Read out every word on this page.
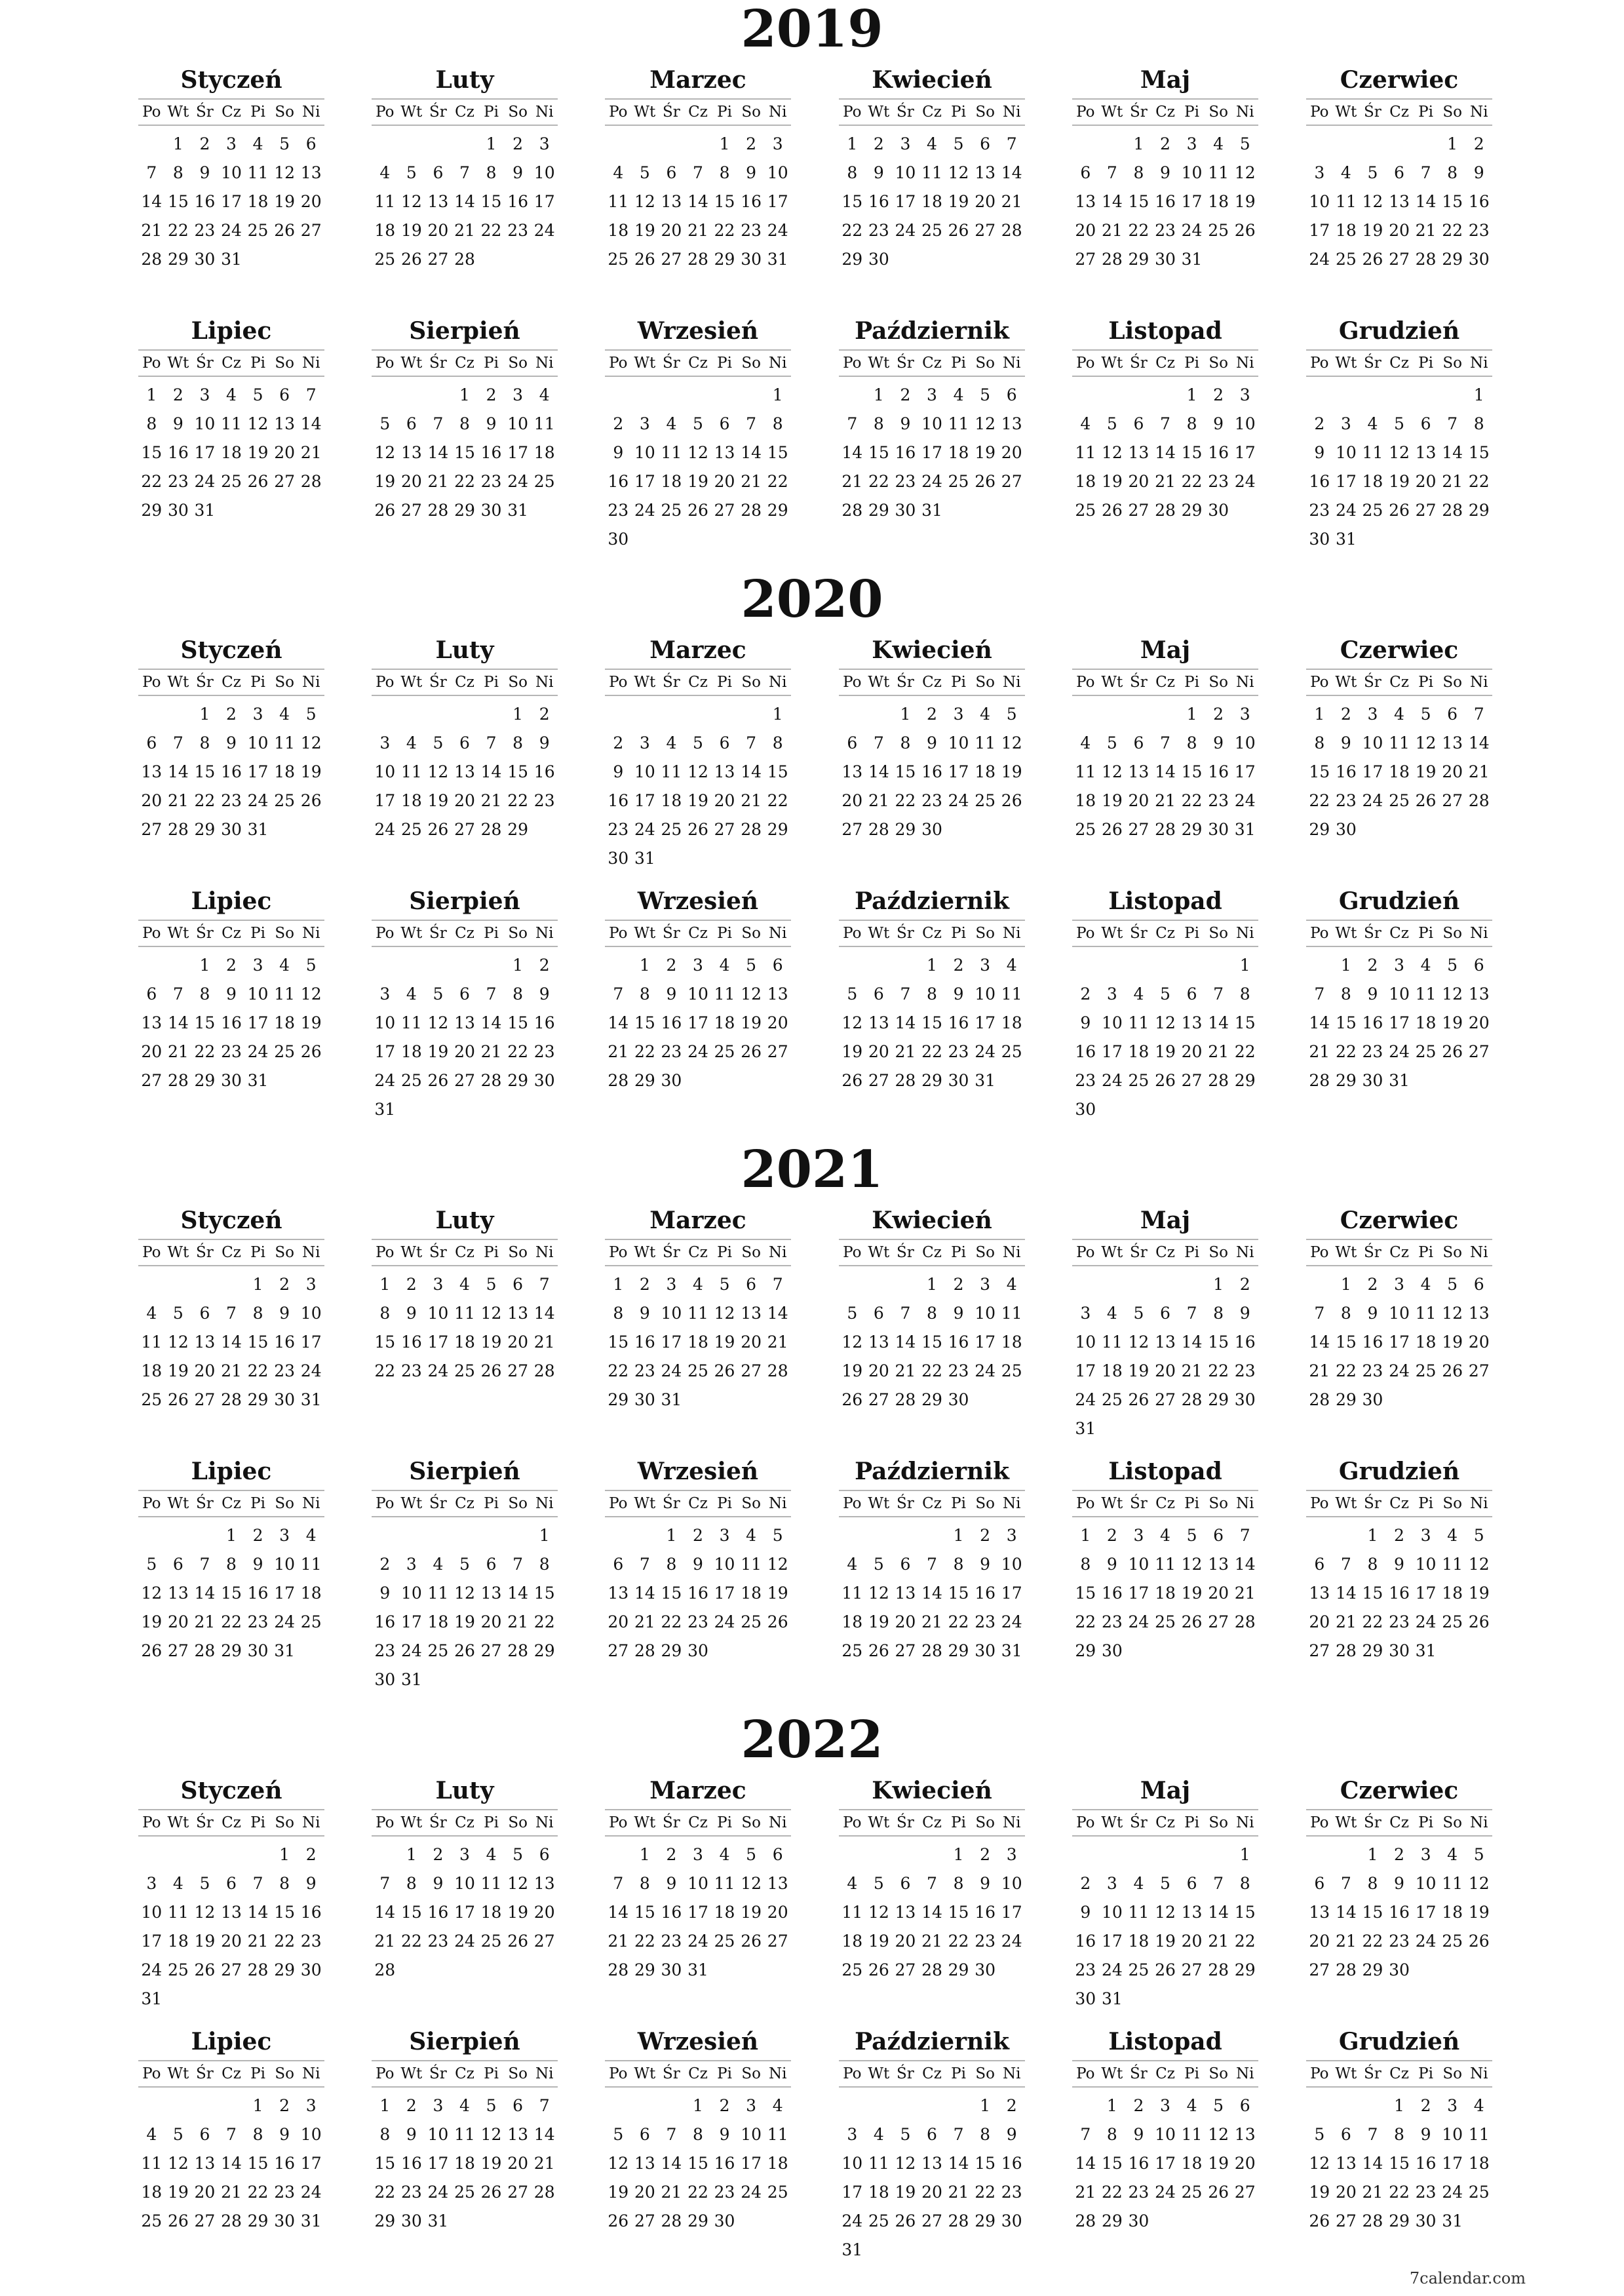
2019
Styczeń
Po Wt Śr Cz Pi So Ni
1 2 3 4 5 6
7 8 9 10 11 12 13
14 15 16 17 18 19 20
21 22 23 24 25 26 27
28 29 30 31
Luty
Po Wt Śr Cz Pi So Ni
1 2 3
4 5 6 7 8 9 10
11 12 13 14 15 16 17
18 19 20 21 22 23 24
25 26 27 28
Marzec
Po Wt Śr Cz Pi So Ni
1 2 3
4 5 6 7 8 9 10
11 12 13 14 15 16 17
18 19 20 21 22 23 24
25 26 27 28 29 30 31
Kwiecień
Po Wt Śr Cz Pi So Ni
1 2 3 4 5 6 7
8 9 10 11 12 13 14
15 16 17 18 19 20 21
22 23 24 25 26 27 28
29 30
Maj
Po Wt Śr Cz Pi So Ni
1 2 3 4 5
6 7 8 9 10 11 12
13 14 15 16 17 18 19
20 21 22 23 24 25 26
27 28 29 30 31
Czerwiec
Po Wt Śr Cz Pi So Ni
1 2
3 4 5 6 7 8 9
10 11 12 13 14 15 16
17 18 19 20 21 22 23
24 25 26 27 28 29 30
Lipiec
Po Wt Śr Cz Pi So Ni
1 2 3 4 5 6 7
8 9 10 11 12 13 14
15 16 17 18 19 20 21
22 23 24 25 26 27 28
29 30 31
Sierpień
Po Wt Śr Cz Pi So Ni
1 2 3 4
5 6 7 8 9 10 11
12 13 14 15 16 17 18
19 20 21 22 23 24 25
26 27 28 29 30 31
Wrzesień
Po Wt Śr Cz Pi So Ni
1
2 3 4 5 6 7 8
9 10 11 12 13 14 15
16 17 18 19 20 21 22
23 24 25 26 27 28 29
30
Październik
Po Wt Śr Cz Pi So Ni
1 2 3 4 5 6
7 8 9 10 11 12 13
14 15 16 17 18 19 20
21 22 23 24 25 26 27
28 29 30 31
Listopad
Po Wt Śr Cz Pi So Ni
1 2 3
4 5 6 7 8 9 10
11 12 13 14 15 16 17
18 19 20 21 22 23 24
25 26 27 28 29 30
Grudzień
Po Wt Śr Cz Pi So Ni
1
2 3 4 5 6 7 8
9 10 11 12 13 14 15
16 17 18 19 20 21 22
23 24 25 26 27 28 29
30 31
2020
Styczeń
Po Wt Śr Cz Pi So Ni
1 2 3 4 5
6 7 8 9 10 11 12
13 14 15 16 17 18 19
20 21 22 23 24 25 26
27 28 29 30 31
Luty
Po Wt Śr Cz Pi So Ni
1 2
3 4 5 6 7 8 9
10 11 12 13 14 15 16
17 18 19 20 21 22 23
24 25 26 27 28 29
Marzec
Po Wt Śr Cz Pi So Ni
1
2 3 4 5 6 7 8
9 10 11 12 13 14 15
16 17 18 19 20 21 22
23 24 25 26 27 28 29
30 31
Kwiecień
Po Wt Śr Cz Pi So Ni
1 2 3 4 5
6 7 8 9 10 11 12
13 14 15 16 17 18 19
20 21 22 23 24 25 26
27 28 29 30
Maj
Po Wt Śr Cz Pi So Ni
1 2 3
4 5 6 7 8 9 10
11 12 13 14 15 16 17
18 19 20 21 22 23 24
25 26 27 28 29 30 31
Czerwiec
Po Wt Śr Cz Pi So Ni
1 2 3 4 5 6 7
8 9 10 11 12 13 14
15 16 17 18 19 20 21
22 23 24 25 26 27 28
29 30
Lipiec
Po Wt Śr Cz Pi So Ni
1 2 3 4 5
6 7 8 9 10 11 12
13 14 15 16 17 18 19
20 21 22 23 24 25 26
27 28 29 30 31
Sierpień
Po Wt Śr Cz Pi So Ni
1 2
3 4 5 6 7 8 9
10 11 12 13 14 15 16
17 18 19 20 21 22 23
24 25 26 27 28 29 30
31
Wrzesień
Po Wt Śr Cz Pi So Ni
1 2 3 4 5 6
7 8 9 10 11 12 13
14 15 16 17 18 19 20
21 22 23 24 25 26 27
28 29 30
Październik
Po Wt Śr Cz Pi So Ni
1 2 3 4
5 6 7 8 9 10 11
12 13 14 15 16 17 18
19 20 21 22 23 24 25
26 27 28 29 30 31
Listopad
Po Wt Śr Cz Pi So Ni
1
2 3 4 5 6 7 8
9 10 11 12 13 14 15
16 17 18 19 20 21 22
23 24 25 26 27 28 29
30
Grudzień
Po Wt Śr Cz Pi So Ni
1 2 3 4 5 6
7 8 9 10 11 12 13
14 15 16 17 18 19 20
21 22 23 24 25 26 27
28 29 30 31
2021
Styczeń
Po Wt Śr Cz Pi So Ni
1 2 3
4 5 6 7 8 9 10
11 12 13 14 15 16 17
18 19 20 21 22 23 24
25 26 27 28 29 30 31
Luty
Po Wt Śr Cz Pi So Ni
1 2 3 4 5 6 7
8 9 10 11 12 13 14
15 16 17 18 19 20 21
22 23 24 25 26 27 28
Marzec
Po Wt Śr Cz Pi So Ni
1 2 3 4 5 6 7
8 9 10 11 12 13 14
15 16 17 18 19 20 21
22 23 24 25 26 27 28
29 30 31
Kwiecień
Po Wt Śr Cz Pi So Ni
1 2 3 4
5 6 7 8 9 10 11
12 13 14 15 16 17 18
19 20 21 22 23 24 25
26 27 28 29 30
Maj
Po Wt Śr Cz Pi So Ni
1 2
3 4 5 6 7 8 9
10 11 12 13 14 15 16
17 18 19 20 21 22 23
24 25 26 27 28 29 30
31
Czerwiec
Po Wt Śr Cz Pi So Ni
1 2 3 4 5 6
7 8 9 10 11 12 13
14 15 16 17 18 19 20
21 22 23 24 25 26 27
28 29 30
Lipiec
Po Wt Śr Cz Pi So Ni
1 2 3 4
5 6 7 8 9 10 11
12 13 14 15 16 17 18
19 20 21 22 23 24 25
26 27 28 29 30 31
Sierpień
Po Wt Śr Cz Pi So Ni
1
2 3 4 5 6 7 8
9 10 11 12 13 14 15
16 17 18 19 20 21 22
23 24 25 26 27 28 29
30 31
Wrzesień
Po Wt Śr Cz Pi So Ni
1 2 3 4 5
6 7 8 9 10 11 12
13 14 15 16 17 18 19
20 21 22 23 24 25 26
27 28 29 30
Październik
Po Wt Śr Cz Pi So Ni
1 2 3
4 5 6 7 8 9 10
11 12 13 14 15 16 17
18 19 20 21 22 23 24
25 26 27 28 29 30 31
Listopad
Po Wt Śr Cz Pi So Ni
1 2 3 4 5 6 7
8 9 10 11 12 13 14
15 16 17 18 19 20 21
22 23 24 25 26 27 28
29 30
Grudzień
Po Wt Śr Cz Pi So Ni
1 2 3 4 5
6 7 8 9 10 11 12
13 14 15 16 17 18 19
20 21 22 23 24 25 26
27 28 29 30 31
2022
Styczeń
Po Wt Śr Cz Pi So Ni
1 2
3 4 5 6 7 8 9
10 11 12 13 14 15 16
17 18 19 20 21 22 23
24 25 26 27 28 29 30
31
Luty
Po Wt Śr Cz Pi So Ni
1 2 3 4 5 6
7 8 9 10 11 12 13
14 15 16 17 18 19 20
21 22 23 24 25 26 27
28
Marzec
Po Wt Śr Cz Pi So Ni
1 2 3 4 5 6
7 8 9 10 11 12 13
14 15 16 17 18 19 20
21 22 23 24 25 26 27
28 29 30 31
Kwiecień
Po Wt Śr Cz Pi So Ni
1 2 3
4 5 6 7 8 9 10
11 12 13 14 15 16 17
18 19 20 21 22 23 24
25 26 27 28 29 30
Maj
Po Wt Śr Cz Pi So Ni
1
2 3 4 5 6 7 8
9 10 11 12 13 14 15
16 17 18 19 20 21 22
23 24 25 26 27 28 29
30 31
Czerwiec
Po Wt Śr Cz Pi So Ni
1 2 3 4 5
6 7 8 9 10 11 12
13 14 15 16 17 18 19
20 21 22 23 24 25 26
27 28 29 30
Lipiec
Po Wt Śr Cz Pi So Ni
1 2 3
4 5 6 7 8 9 10
11 12 13 14 15 16 17
18 19 20 21 22 23 24
25 26 27 28 29 30 31
Sierpień
Po Wt Śr Cz Pi So Ni
1 2 3 4 5 6 7
8 9 10 11 12 13 14
15 16 17 18 19 20 21
22 23 24 25 26 27 28
29 30 31
Wrzesień
Po Wt Śr Cz Pi So Ni
1 2 3 4
5 6 7 8 9 10 11
12 13 14 15 16 17 18
19 20 21 22 23 24 25
26 27 28 29 30
Październik
Po Wt Śr Cz Pi So Ni
1 2
3 4 5 6 7 8 9
10 11 12 13 14 15 16
17 18 19 20 21 22 23
24 25 26 27 28 29 30
31
Listopad
Po Wt Śr Cz Pi So Ni
1 2 3 4 5 6
7 8 9 10 11 12 13
14 15 16 17 18 19 20
21 22 23 24 25 26 27
28 29 30
Grudzień
Po Wt Śr Cz Pi So Ni
1 2 3 4
5 6 7 8 9 10 11
12 13 14 15 16 17 18
19 20 21 22 23 24 25
26 27 28 29 30 31
7calendar.com
